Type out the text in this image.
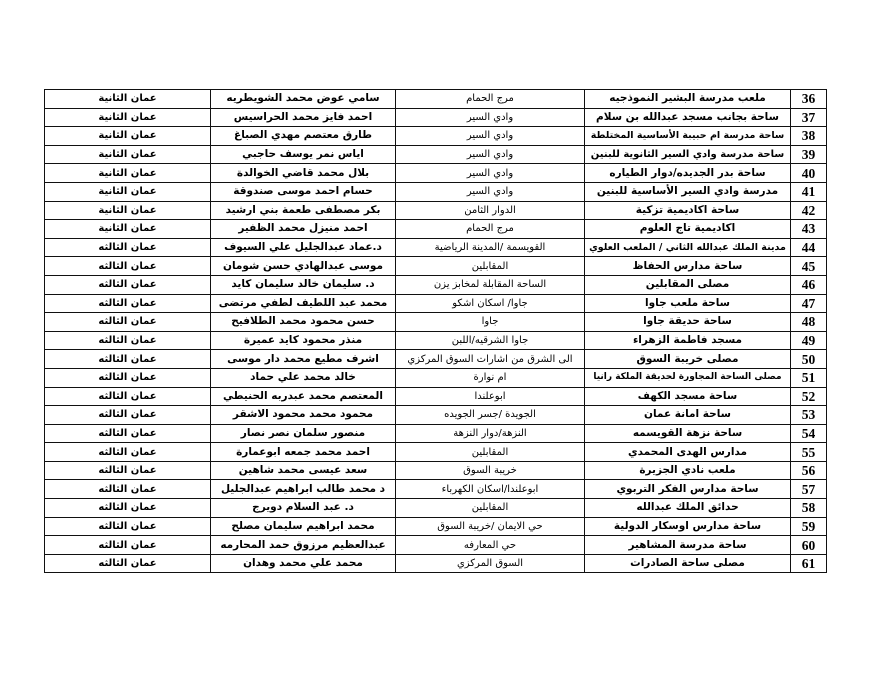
36	ملعب مدرسة البشير النموذجيه	مرج الحمام	سامي عوض محمد الشويطريه	عمان الثانية
37	ساحة بجانب مسجد عبدالله بن سلام	وادي السير	احمد فايز محمد الحراسيس	عمان الثانية
38	ساحة مدرسة ام حبيبة الأساسية المختلطة	وادي السير	طارق معتصم مهدي الصباغ	عمان الثانية
39	ساحة مدرسة وادي السير الثانوية للبنين	وادي السير	اياس نمر يوسف حاجبي	عمان الثانية
40	ساحة بدر الجديده/دوار الطياره	وادي السير	بلال محمد قاضي الخوالدة	عمان الثانية
41	مدرسة وادي السير الأساسية للبنين	وادي السير	حسام احمد موسى صندوقة	عمان الثانية
42	ساحة اكاديمية تزكية	الدوار الثامن	بكر مصطفى طعمة بني ارشيد	عمان الثانية
43	اكاديمية تاج العلوم	مرج الحمام	احمد منيزل محمد الظفير	عمان الثانية
44	مدينة الملك عبدالله الثاني / الملعب العلوي	القويسمة /المدينة الرياضية	د.عماد عبدالجليل علي السيوف	عمان الثالثه
45	ساحة مدارس الحفاظ	المقابلين	موسى عبدالهادي حسن شومان	عمان الثالثه
46	مصلى المقابلين	الساحة المقابلة لمخابز يزن	د. سليمان خالد سليمان كايد	عمان الثالثه
47	ساحة ملعب جاوا	جاوا/ اسكان اشكو	محمد عبد اللطيف لطفي مرتضى	عمان الثالثه
48	ساحة حديقة جاوا	جاوا	حسن محمود محمد الطلافيح	عمان الثالثه
49	مسجد فاطمة الزهراء	جاوا الشرقيه/اللبن	منذر محمود كايد عميرة	عمان الثالثه
50	مصلى خريبة السوق	الى الشرق من اشارات السوق المركزي	اشرف مطيع محمد دار موسى	عمان الثالثه
51	مصلى الساحة المجاورة لحديقة الملكة رانيا	ام نوارة	خالد محمد علي حماد	عمان الثالثه
52	ساحة مسجد الكهف	ابوعلندا	المعتصم محمد عبدربه الحنيطي	عمان الثالثه
53	ساحة امانة عمان	الجويدة /جسر الجويده	محمود محمد محمود الاشقر	عمان الثالثه
54	ساحة نزهة القويسمه	النزهة/دوار النزهة	منصور سلمان نصر نصار	عمان الثالثه
55	مدارس الهدى المحمدي	المقابلين	احمد محمد جمعه ابوعمارة	عمان الثالثه
56	ملعب نادي الجزيرة	خريبة السوق	سعد عيسى محمد شاهين	عمان الثالثه
57	ساحة مدارس الفكر التربوي	ابوعلندا/اسكان الكهرباء	د محمد طالب ابراهيم عبدالجليل	عمان الثالثه
58	حدائق الملك عبدالله	المقابلين	د. عبد السلام دويرج	عمان الثالثه
59	ساحة مدارس اوسكار الدولية	حي الايمان /خريبة السوق	محمد ابراهيم سليمان مصلح	عمان الثالثه
60	ساحة مدرسة المشاهير	حي المعارفه	عبدالعظيم مرزوق حمد المحارمه	عمان الثالثه
61	مصلى ساحة الصادرات	السوق المركزي	محمد علي محمد وهدان	عمان الثالثه
